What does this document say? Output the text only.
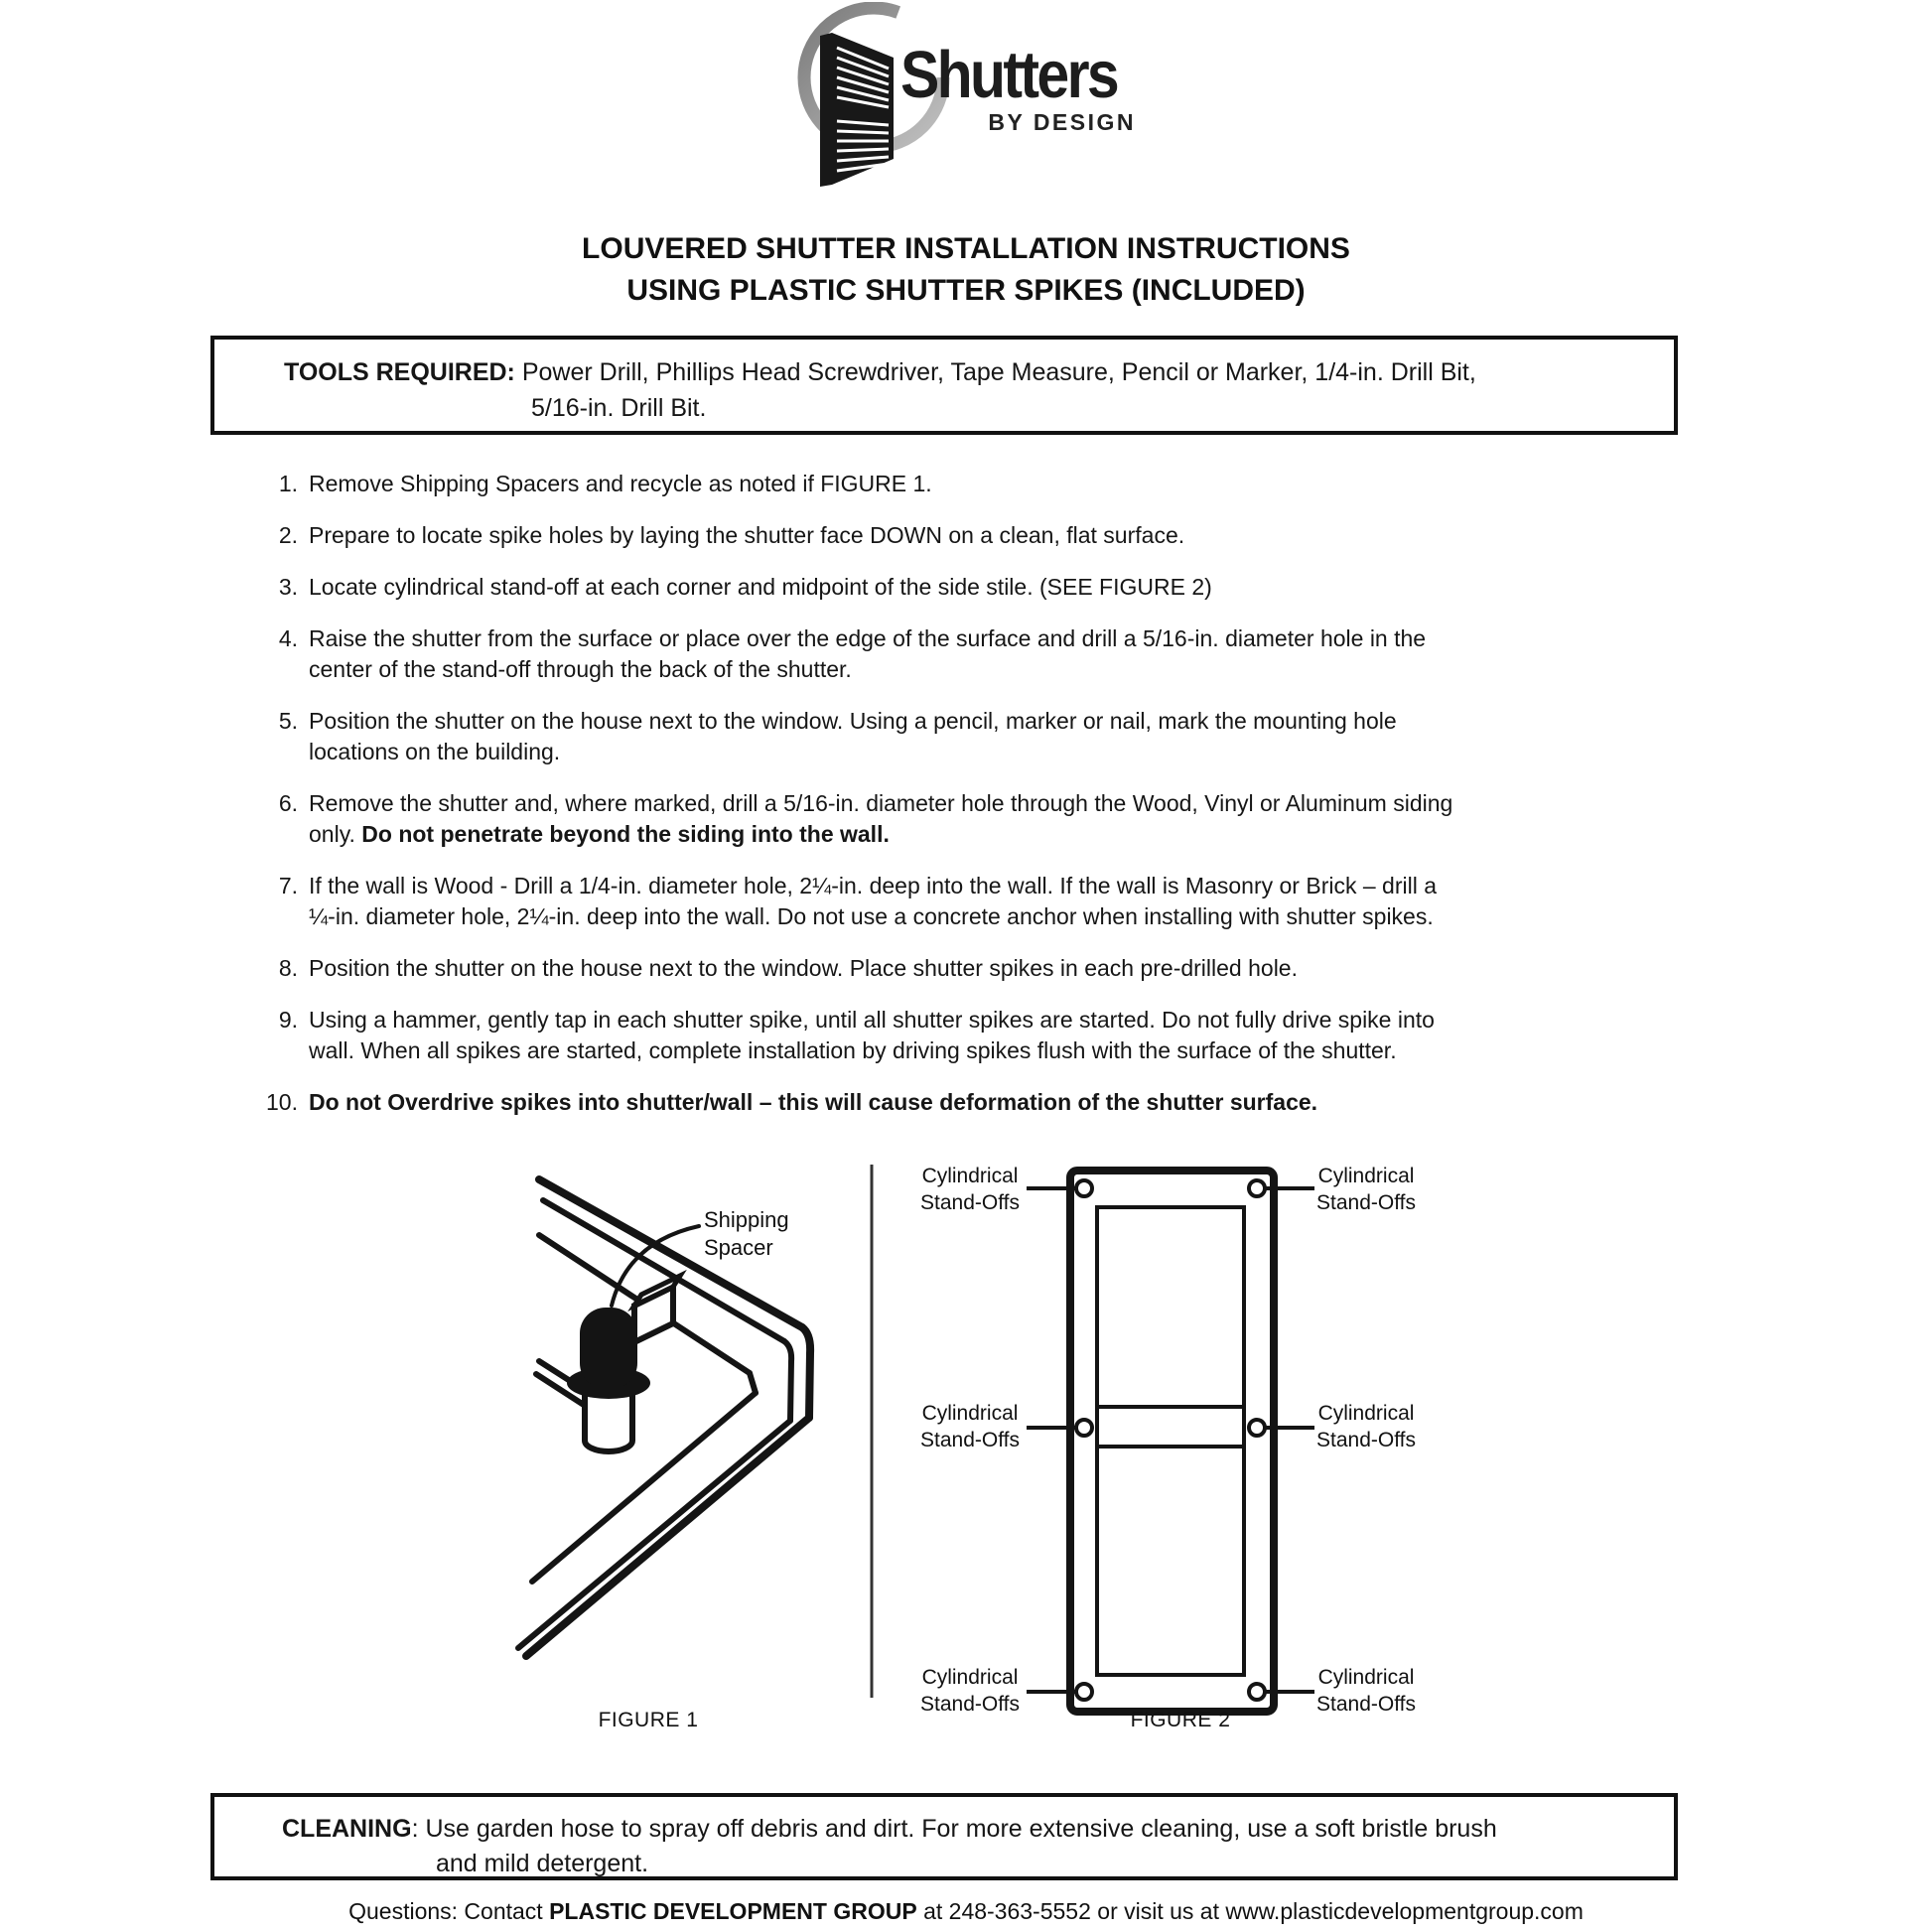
Shutters
BY DESIGN
LOUVERED SHUTTER INSTALLATION INSTRUCTIONS
USING PLASTIC SHUTTER SPIKES (INCLUDED)
TOOLS REQUIRED: Power Drill, Phillips Head Screwdriver, Tape Measure, Pencil or Marker, 1/4-in. Drill Bit,
5/16-in. Drill Bit.
1. Remove Shipping Spacers and recycle as noted if FIGURE 1.
2. Prepare to locate spike holes by laying the shutter face DOWN on a clean, flat surface.
3. Locate cylindrical stand-off at each corner and midpoint of the side stile. (SEE FIGURE 2)
4. Raise the shutter from the surface or place over the edge of the surface and drill a 5/16-in. diameter hole in the
center of the stand-off through the back of the shutter.
5. Position the shutter on the house next to the window. Using a pencil, marker or nail, mark the mounting hole
locations on the building.
6. Remove the shutter and, where marked, drill a 5/16-in. diameter hole through the Wood, Vinyl or Aluminum siding
only. Do not penetrate beyond the siding into the wall.
7. If the wall is Wood - Drill a 1/4-in. diameter hole, 2¼-in. deep into the wall. If the wall is Masonry or Brick – drill a
¼-in. diameter hole, 2¼-in. deep into the wall. Do not use a concrete anchor when installing with shutter spikes.
8. Position the shutter on the house next to the window. Place shutter spikes in each pre-drilled hole.
9. Using a hammer, gently tap in each shutter spike, until all shutter spikes are started. Do not fully drive spike into
wall. When all spikes are started, complete installation by driving spikes flush with the surface of the shutter.
10. Do not Overdrive spikes into shutter/wall – this will cause deformation of the shutter surface.
Shipping Spacer
Cylindrical Stand-Offs
Cylindrical Stand-Offs
Cylindrical Stand-Offs
Cylindrical Stand-Offs
Cylindrical Stand-Offs
Cylindrical Stand-Offs
FIGURE 1	FIGURE 2
CLEANING: Use garden hose to spray off debris and dirt. For more extensive cleaning, use a soft bristle brush
and mild detergent.
Questions: Contact PLASTIC DEVELOPMENT GROUP at 248-363-5552 or visit us at www.plasticdevelopmentgroup.com
